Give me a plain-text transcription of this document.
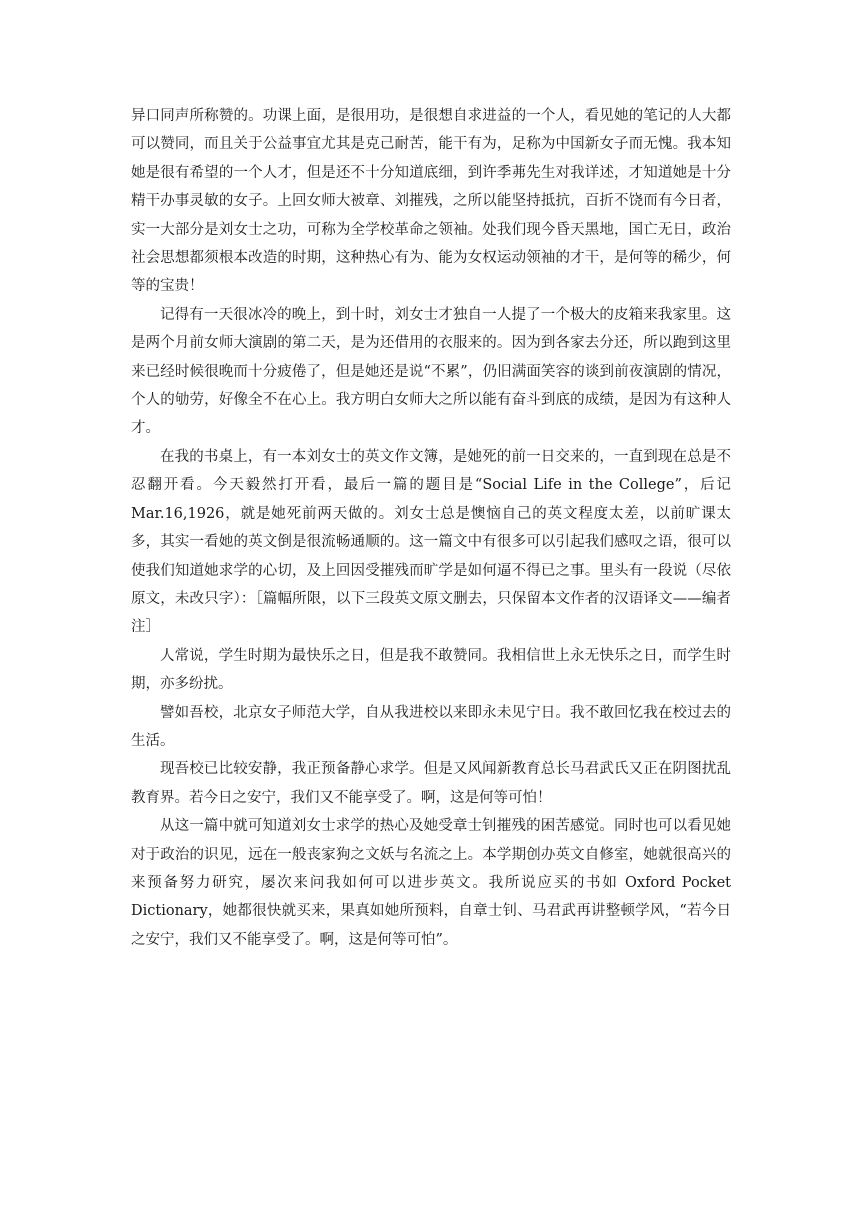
异口同声所称赞的。功课上面，是很用功，是很想自求进益的一个人，看见她的笔记的人大都可以赞同，而且关于公益事宜尤其是克己耐苦，能干有为，足称为中国新女子而无愧。我本知她是很有希望的一个人才，但是还不十分知道底细，到许季茀先生对我详述，才知道她是十分精干办事灵敏的女子。上回女师大被章、刘摧残，之所以能坚持抵抗，百折不饶而有今日者，实一大部分是刘女士之功，可称为全学校革命之领袖。处我们现今昏天黑地，国亡无日，政治社会思想都须根本改造的时期，这种热心有为、能为女权运动领袖的才干，是何等的稀少，何等的宝贵！

记得有一天很冰冷的晚上，到十时，刘女士才独自一人提了一个极大的皮箱来我家里。这是两个月前女师大演剧的第二天，是为还借用的衣服来的。因为到各家去分还，所以跑到这里来已经时候很晚而十分疲倦了，但是她还是说“不累”，仍旧满面笑容的谈到前夜演剧的情况，个人的劬劳，好像全不在心上。我方明白女师大之所以能有奋斗到底的成绩，是因为有这种人才。

在我的书桌上，有一本刘女士的英文作文簿，是她死的前一日交来的，一直到现在总是不忍翻开看。今天毅然打开看，最后一篇的题目是“Social Life in the College”，后记Mar.16,1926，就是她死前两天做的。刘女士总是懊恼自己的英文程度太差，以前旷课太多，其实一看她的英文倒是很流畅通顺的。这一篇文中有很多可以引起我们感叹之语，很可以使我们知道她求学的心切，及上回因受摧残而旷学是如何逼不得已之事。里头有一段说（尽依原文，未改只字）：［篇幅所限，以下三段英文原文删去，只保留本文作者的汉语译文——编者注］

人常说，学生时期为最快乐之日，但是我不敢赞同。我相信世上永无快乐之日，而学生时期，亦多纷扰。

譬如吾校，北京女子师范大学，自从我进校以来即永未见宁日。我不敢回忆我在校过去的生活。

现吾校已比较安静，我正预备静心求学。但是又风闻新教育总长马君武氏又正在阴图扰乱教育界。若今日之安宁，我们又不能享受了。啊，这是何等可怕！

从这一篇中就可知道刘女士求学的热心及她受章士钊摧残的困苦感觉。同时也可以看见她对于政治的识见，远在一般丧家狗之文妖与名流之上。本学期创办英文自修室，她就很高兴的来预备努力研究，屡次来问我如何可以进步英文。我所说应买的书如 Oxford Pocket Dictionary，她都很快就买来，果真如她所预料，自章士钊、马君武再讲整顿学风，“若今日之安宁，我们又不能享受了。啊，这是何等可怕”。
